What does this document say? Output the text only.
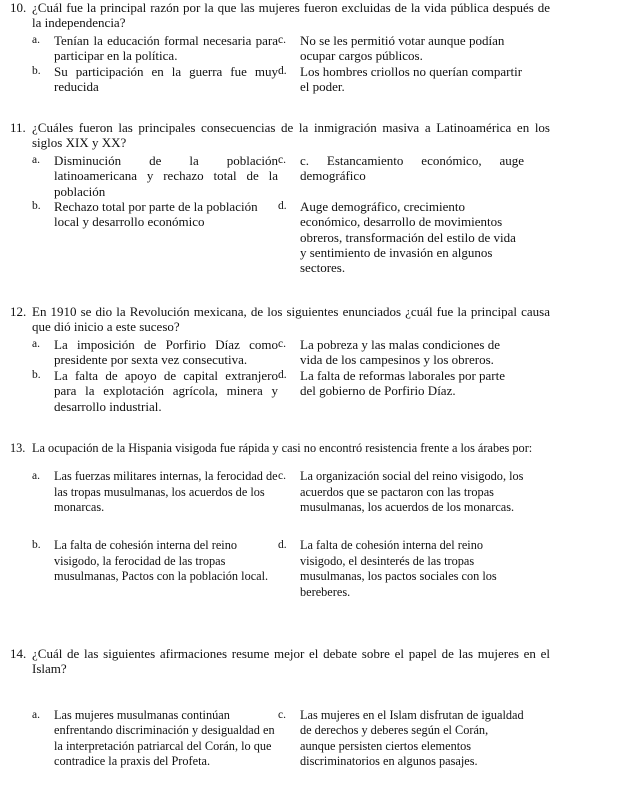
10. ¿Cuál fue la principal razón por la que las mujeres fueron excluidas de la vida pública después de la independencia?
a.	Tenían la educación formal necesaria para participar en la política.
c. No se les permitió votar aunque podían ocupar cargos públicos.
b.	Su participación en la guerra fue muy reducida
d. Los hombres criollos no querían compartir el poder.
11. ¿Cuáles fueron las principales consecuencias de la inmigración masiva a Latinoamérica en los siglos XIX y XX?
a.	Disminución de la población latinoamericana y rechazo total de la población
c. c. Estancamiento económico, auge demográfico
b.	Rechazo total por parte de la población local y desarrollo económico
d. Auge demográfico, crecimiento económico, desarrollo de movimientos obreros, transformación del estilo de vida y sentimiento de invasión en algunos sectores.
12. En 1910 se dio la Revolución mexicana, de los siguientes enunciados ¿cuál fue la principal causa que dió inicio a este suceso?
a.	La imposición de Porfirio Díaz como presidente por sexta vez consecutiva.
c. La pobreza y las malas condiciones de vida de los campesinos y los obreros.
b.	La falta de apoyo de capital extranjero para la explotación agrícola, minera y desarrollo industrial.
d. La falta de reformas laborales por parte del gobierno de Porfirio Díaz.
13. La ocupación de la Hispania visigoda fue rápida y casi no encontró resistencia frente a los árabes por:
a.	Las fuerzas militares internas, la ferocidad de las tropas musulmanas, los acuerdos de los monarcas.
c. La organización social del reino visigodo, los acuerdos que se pactaron con las tropas musulmanas, los acuerdos de los monarcas.
b.	La falta de cohesión interna del reino visigodo, la ferocidad de las tropas musulmanas, Pactos con la población local.
d. La falta de cohesión interna del reino visigodo, el desinterés de las tropas musulmanas, los pactos sociales con los bereberes.
14. ¿Cuál de las siguientes afirmaciones resume mejor el debate sobre el papel de las mujeres en el Islam?
a.	Las mujeres musulmanas continúan enfrentando discriminación y desigualdad en la interpretación patriarcal del Corán, lo que contradice la praxis del Profeta.
c. Las mujeres en el Islam disfrutan de igualdad de derechos y deberes según el Corán, aunque persisten ciertos elementos discriminatorios en algunos pasajes.
